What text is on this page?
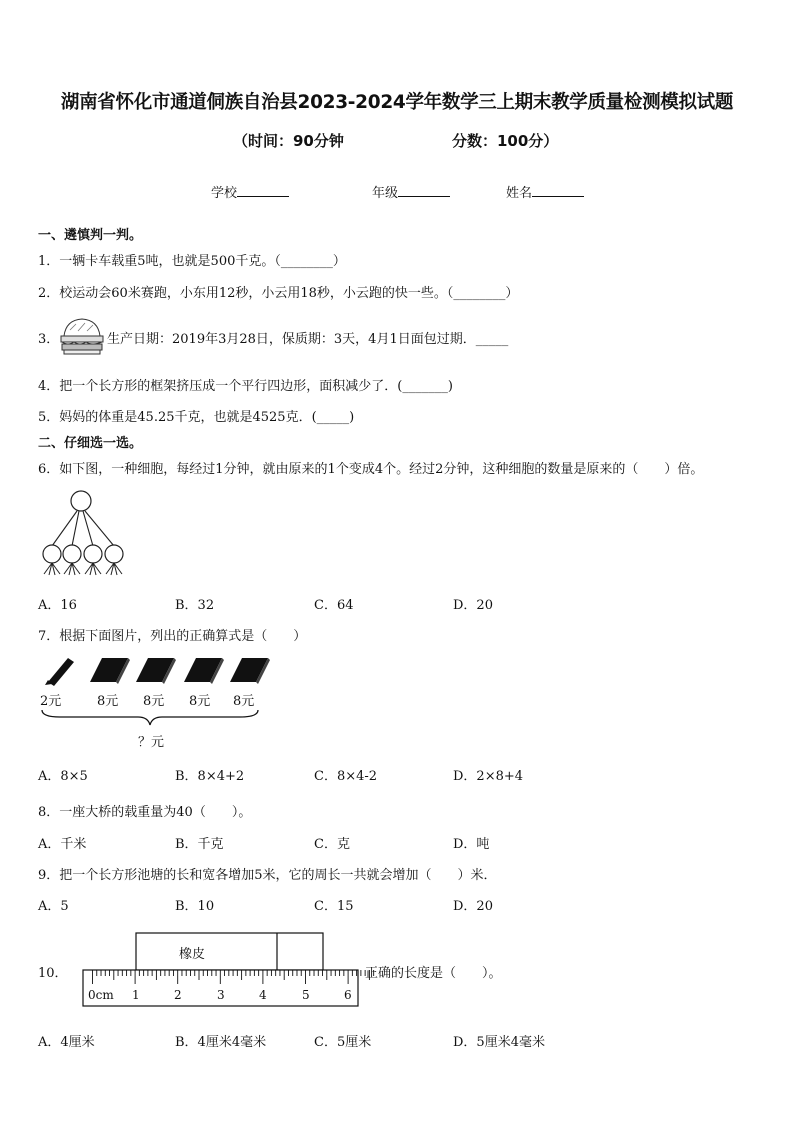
湖南省怀化市通道侗族自治县2023-2024学年数学三上期末教学质量检测模拟试题
（时间：90分钟	分数：100分）
学校	年级	姓名
一、遴慎判一判。
1．一辆卡车载重5吨，也就是500千克。（________）
2．校运动会60米赛跑，小东用12秒，小云用18秒，小云跑的快一些。（________）
3．	生产日期：2019年3月28日，保质期：3天，4月1日面包过期．_____
4．把一个长方形的框架挤压成一个平行四边形，面积减少了．(_______)
5．妈妈的体重是45.25千克，也就是4525克．(_____)
二、仔细选一选。
6．如下图，一种细胞，每经过1分钟，就由原来的1个变成4个。经过2分钟，这种细胞的数量是原来的（　　）倍。
A．16	B．32	C．64	D．20
7．根据下面图片，列出的正确算式是（　　）
2元	8元 8元 8元 8元
？元
A．8×5	B．8×4+2	C．8×4-2	D．2×8+4
8．一座大桥的载重量为40（　　）。
A．千米	B．千克	C．克	D．吨
9．把一个长方形池塘的长和宽各增加5米，它的周长一共就会增加（　　）米．
A．5	B．10	C．15	D．20
10．
橡皮
0cm 1	2	3	4	5	6
正确的长度是（　　）。
A．4厘米	B．4厘米4毫米	C．5厘米	D．5厘米4毫米
